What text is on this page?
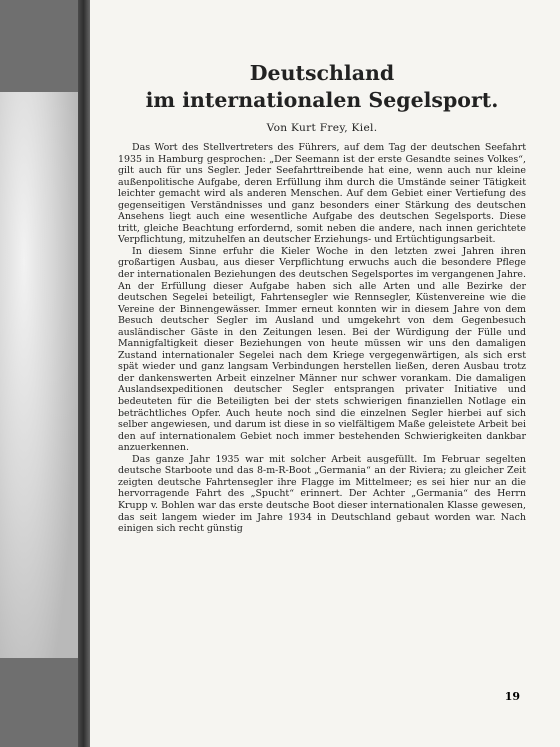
Deutschland
im internationalen Segelsport.
Von Kurt Frey, Kiel.

Das Wort des Stellvertreters des Führers, auf dem Tag der deutschen Seefahrt 1935 in Hamburg gesprochen: „Der Seemann ist der erste Gesandte seines Volkes“, gilt auch für uns Segler. Jeder Seefahrttreibende hat eine, wenn auch nur kleine außenpolitische Aufgabe, deren Erfüllung ihm durch die Umstände seiner Tätigkeit leichter gemacht wird als anderen Menschen. Auf dem Gebiet einer Vertiefung des gegenseitigen Verständnisses und ganz besonders einer Stärkung des deutschen Ansehens liegt auch eine wesentliche Aufgabe des deutschen Segelsports. Diese tritt, gleiche Beachtung erfordernd, somit neben die andere, nach innen gerichtete Verpflichtung, mitzuhelfen an deutscher Erziehungs- und Ertüchtigungsarbeit.

In diesem Sinne erfuhr die Kieler Woche in den letzten zwei Jahren ihren großartigen Ausbau, aus dieser Verpflichtung erwuchs auch die besondere Pflege der internationalen Beziehungen des deutschen Segelsportes im vergangenen Jahre. An der Erfüllung dieser Aufgabe haben sich alle Arten und alle Bezirke der deutschen Segelei beteiligt, Fahrtensegler wie Rennsegler, Küstenvereine wie die Vereine der Binnengewässer. Immer erneut konnten wir in diesem Jahre von dem Besuch deutscher Segler im Ausland und umgekehrt von dem Gegenbesuch ausländischer Gäste in den Zeitungen lesen. Bei der Würdigung der Fülle und Mannigfaltigkeit dieser Beziehungen von heute müssen wir uns den damaligen Zustand internationaler Segelei nach dem Kriege vergegenwärtigen, als sich erst spät wieder und ganz langsam Verbindungen herstellen ließen, deren Ausbau trotz der dankenswerten Arbeit einzelner Männer nur schwer vorankam. Die damaligen Auslandsexpeditionen deutscher Segler entsprangen privater Initiative und bedeuteten für die Beteiligten bei der stets schwierigen finanziellen Notlage ein beträchtliches Opfer. Auch heute noch sind die einzelnen Segler hierbei auf sich selber angewiesen, und darum ist diese in so vielfältigem Maße geleistete Arbeit bei den auf internationalem Gebiet noch immer bestehenden Schwierigkeiten dankbar anzuerkennen.

Das ganze Jahr 1935 war mit solcher Arbeit ausgefüllt. Im Februar segelten deutsche Starboote und das 8-m-R-Boot „Germania“ an der Riviera; zu gleicher Zeit zeigten deutsche Fahrtensegler ihre Flagge im Mittelmeer; es sei hier nur an die hervorragende Fahrt des „Spucht“ erinnert. Der Achter „Germania“ des Herrn Krupp v. Bohlen war das erste deutsche Boot dieser internationalen Klasse gewesen, das seit langem wieder im Jahre 1934 in Deutschland gebaut worden war. Nach einigen sich recht günstig

19
